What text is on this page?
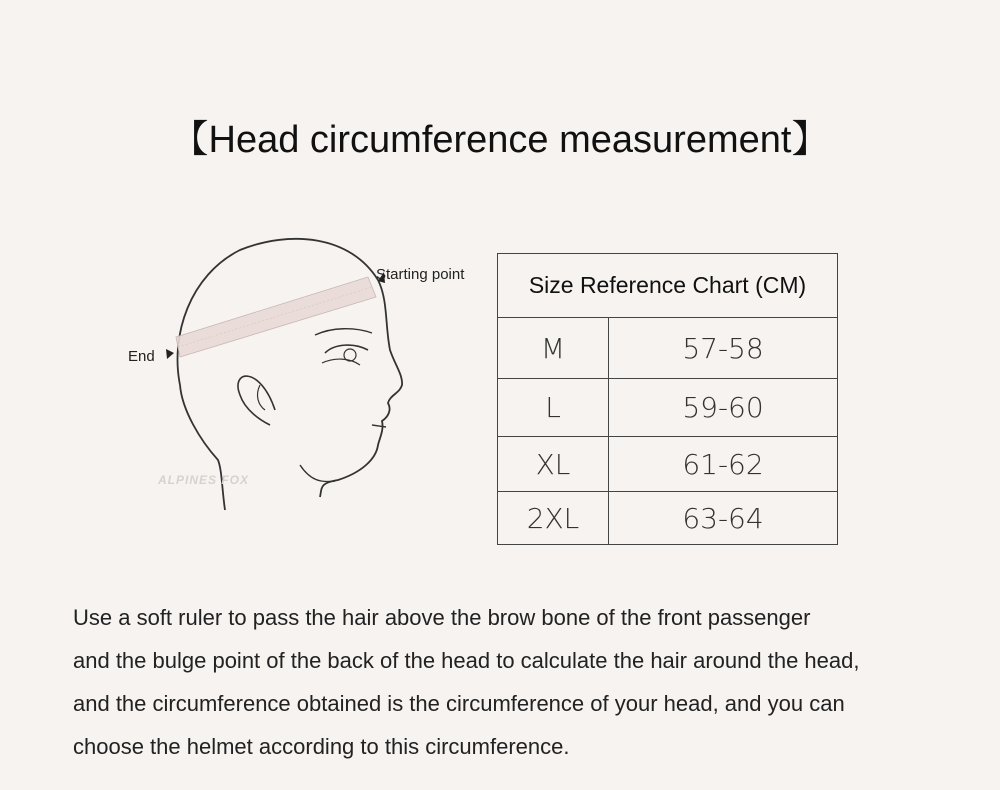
【Head circumference measurement】
Starting point
End
ALPINES FOX
Size Reference Chart (CM)	
M	57-58
L	59-60
XL	61-62
2XL	63-64
Use a soft ruler to pass the hair above the brow bone of the front passenger
and the bulge point of the back of the head to calculate the hair around the head,
and the circumference obtained is the circumference of your head, and you can
choose the helmet according to this circumference.
